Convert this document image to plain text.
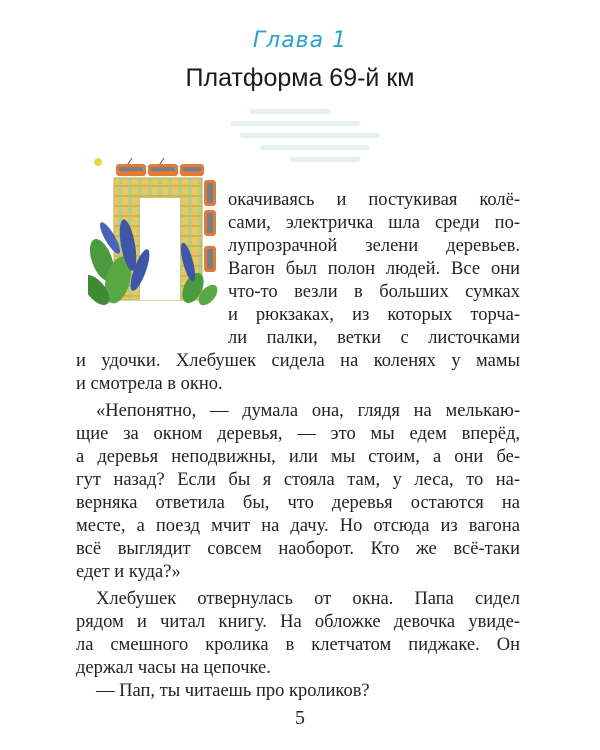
Глава 1
Платформа 69-й км
окачиваясь и постукивая колё-
сами, электричка шла среди по-
лупрозрачной зелени деревьев.
Вагон был полон людей. Все они
что-то везли в больших сумках
и рюкзаках, из которых торча-
ли палки, ветки с листочками
и удочки. Хлебушек сидела на коленях у мамы
и смотрела в окно.
«Непонятно, — думала она, глядя на мелькаю-
щие за окном деревья, — это мы едем вперёд,
а деревья неподвижны, или мы стоим, а они бе-
гут назад? Если бы я стояла там, у леса, то на-
верняка ответила бы, что деревья остаются на
месте, а поезд мчит на дачу. Но отсюда из вагона
всё выглядит совсем наоборот. Кто же всё-таки
едет и куда?»
Хлебушек отвернулась от окна. Папа сидел
рядом и читал книгу. На обложке девочка увиде-
ла смешного кролика в клетчатом пиджаке. Он
держал часы на цепочке.
— Пап, ты читаешь про кроликов?
5
